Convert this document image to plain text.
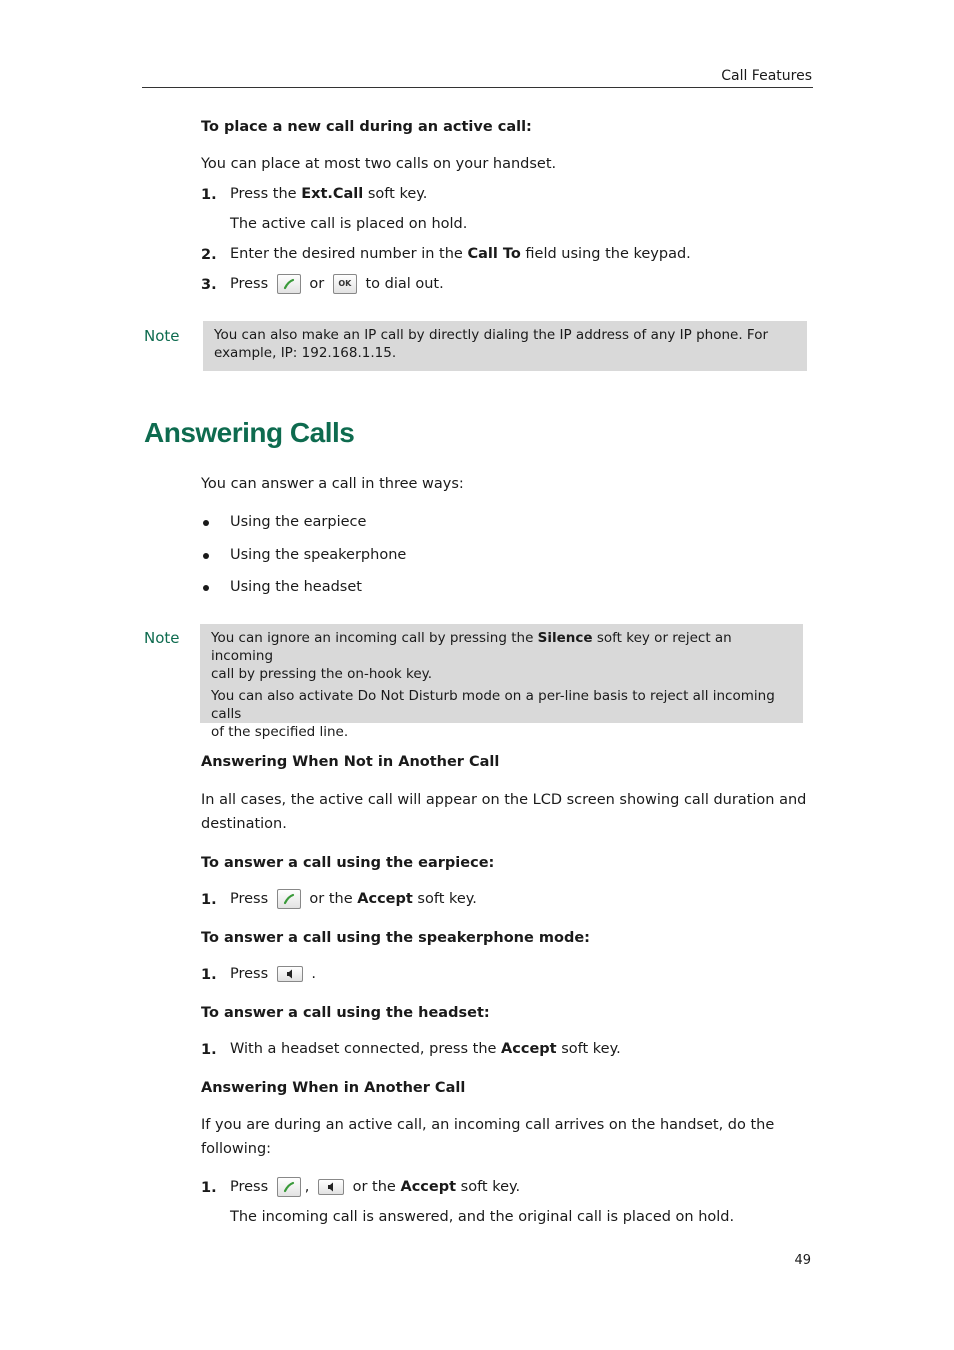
Call Features
To place a new call during an active call:
You can place at most two calls on your handset.
1. Press the Ext.Call soft key.
The active call is placed on hold.
2. Enter the desired number in the Call To field using the keypad.
3. Press	or	OK to dial out.
Note	You can also make an IP call by directly dialing the IP address of any IP phone. For

example, IP: 192.168.1.15.

Answering Calls
You can answer a call in three ways:
Using the earpiece
Using the speakerphone
Using the headset
Note You can ignore an incoming call by pressing the Silence soft key or reject an incoming

call by pressing the on-hook key.

You can also activate Do Not Disturb mode on a per-line basis to reject all incoming calls

of the specified line.

Answering When Not in Another Call
In all cases, the active call will appear on the LCD screen showing call duration and
destination.
To answer a call using the earpiece:
1. Press	or the Accept soft key.
To answer a call using the speakerphone mode:
1. Press	.
To answer a call using the headset:
1. With a headset connected, press the Accept soft key.
Answering When in Another Call
If you are during an active call, an incoming call arrives on the handset, do the
following:
1. Press	,	or the Accept soft key.
The incoming call is answered, and the original call is placed on hold.
49
